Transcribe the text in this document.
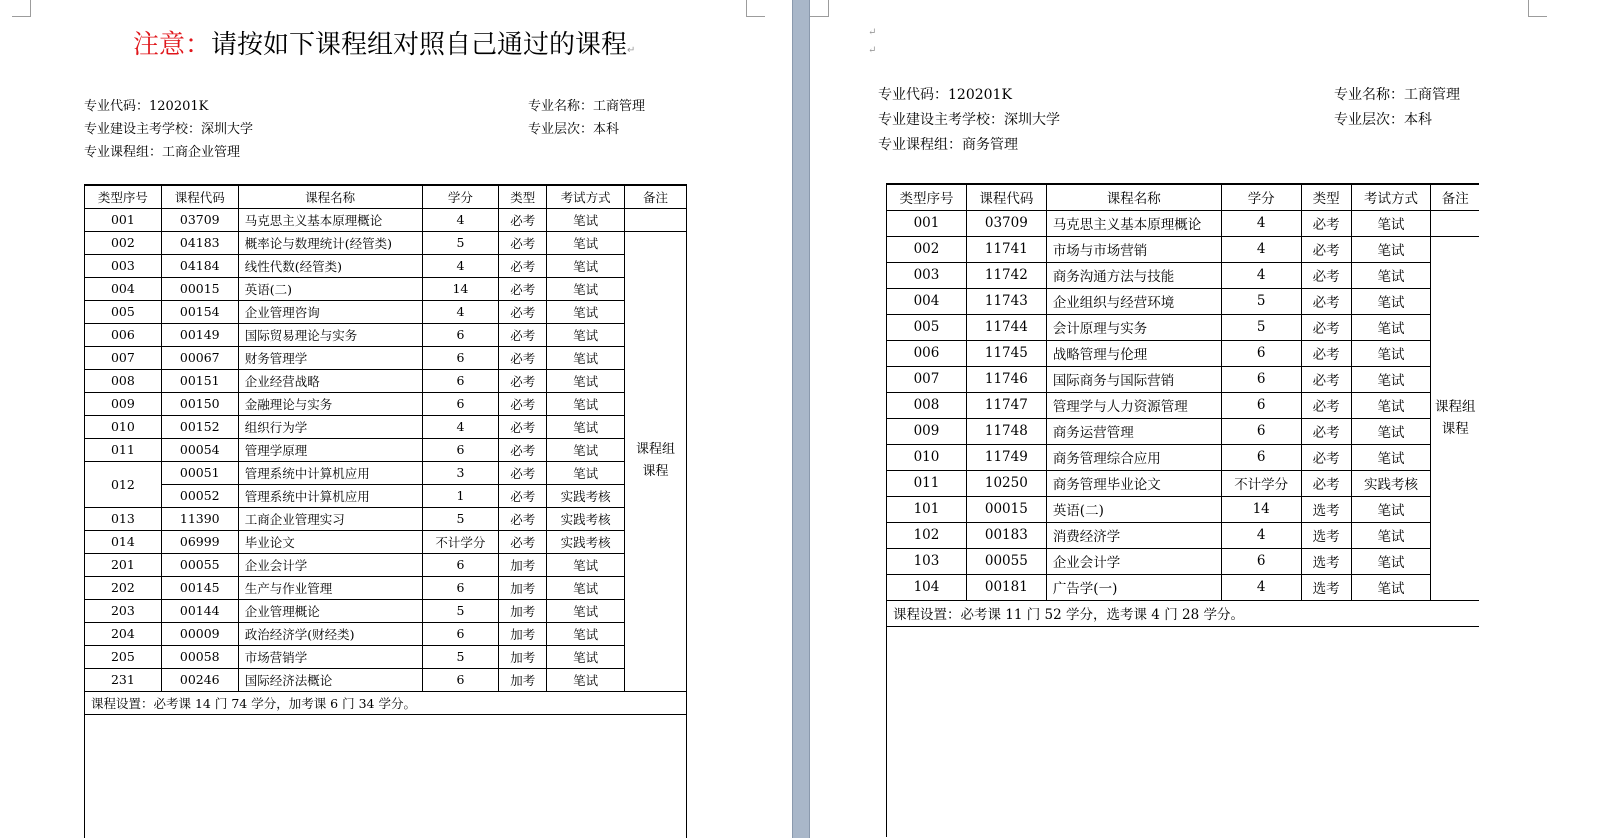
注意：请按如下课程组对照自己通过的课程↵
专业代码：120201K
专业建设主考学校：深圳大学
专业课程组：工商企业管理
专业名称：工商管理
专业层次：本科
类型序号	课程代码	课程名称	学分	类型	考试方式	备注
001	03709	马克思主义基本原理概论	4	必考	笔试	
002	04183	概率论与数理统计(经管类)	5	必考	笔试	课程组
课程

003	04184	线性代数(经管类)	4	必考	笔试	
004	00015	英语(二)	14	必考	笔试	
005	00154	企业管理咨询	4	必考	笔试	
006	00149	国际贸易理论与实务	6	必考	笔试	
007	00067	财务管理学	6	必考	笔试	
008	00151	企业经营战略	6	必考	笔试	
009	00150	金融理论与实务	6	必考	笔试	
010	00152	组织行为学	4	必考	笔试	
011	00054	管理学原理	6	必考	笔试	
012	00051	管理系统中计算机应用	3	必考	笔试	
	00052	管理系统中计算机应用	1	必考	实践考核	
013	11390	工商企业管理实习	5	必考	实践考核	
014	06999	毕业论文	不计学分	必考	实践考核	
201	00055	企业会计学	6	加考	笔试	
202	00145	生产与作业管理	6	加考	笔试	
203	00144	企业管理概论	5	加考	笔试	
204	00009	政治经济学(财经类)	6	加考	笔试	
205	00058	市场营销学	5	加考	笔试	
231	00246	国际经济法概论	6	加考	笔试	
课程设置：必考课 14 门 74 学分，加考课 6 门 34 学分。						

↵
↵
专业代码：120201K
专业建设主考学校：深圳大学
专业课程组：商务管理
专业名称：工商管理
专业层次：本科
类型序号	课程代码	课程名称	学分	类型	考试方式	备注
001	03709	马克思主义基本原理概论	4	必考	笔试	
002	11741	市场与市场营销	4	必考	笔试	课程组
课程

003	11742	商务沟通方法与技能	4	必考	笔试	
004	11743	企业组织与经营环境	5	必考	笔试	
005	11744	会计原理与实务	5	必考	笔试	
006	11745	战略管理与伦理	6	必考	笔试	
007	11746	国际商务与国际营销	6	必考	笔试	
008	11747	管理学与人力资源管理	6	必考	笔试	
009	11748	商务运营管理	6	必考	笔试	
010	11749	商务管理综合应用	6	必考	笔试	
011	10250	商务管理毕业论文	不计学分	必考	实践考核	
101	00015	英语(二)	14	选考	笔试	
102	00183	消费经济学	4	选考	笔试	
103	00055	企业会计学	6	选考	笔试	
104	00181	广告学(一)	4	选考	笔试	
课程设置：必考课 11 门 52 学分，选考课 4 门 28 学分。						
